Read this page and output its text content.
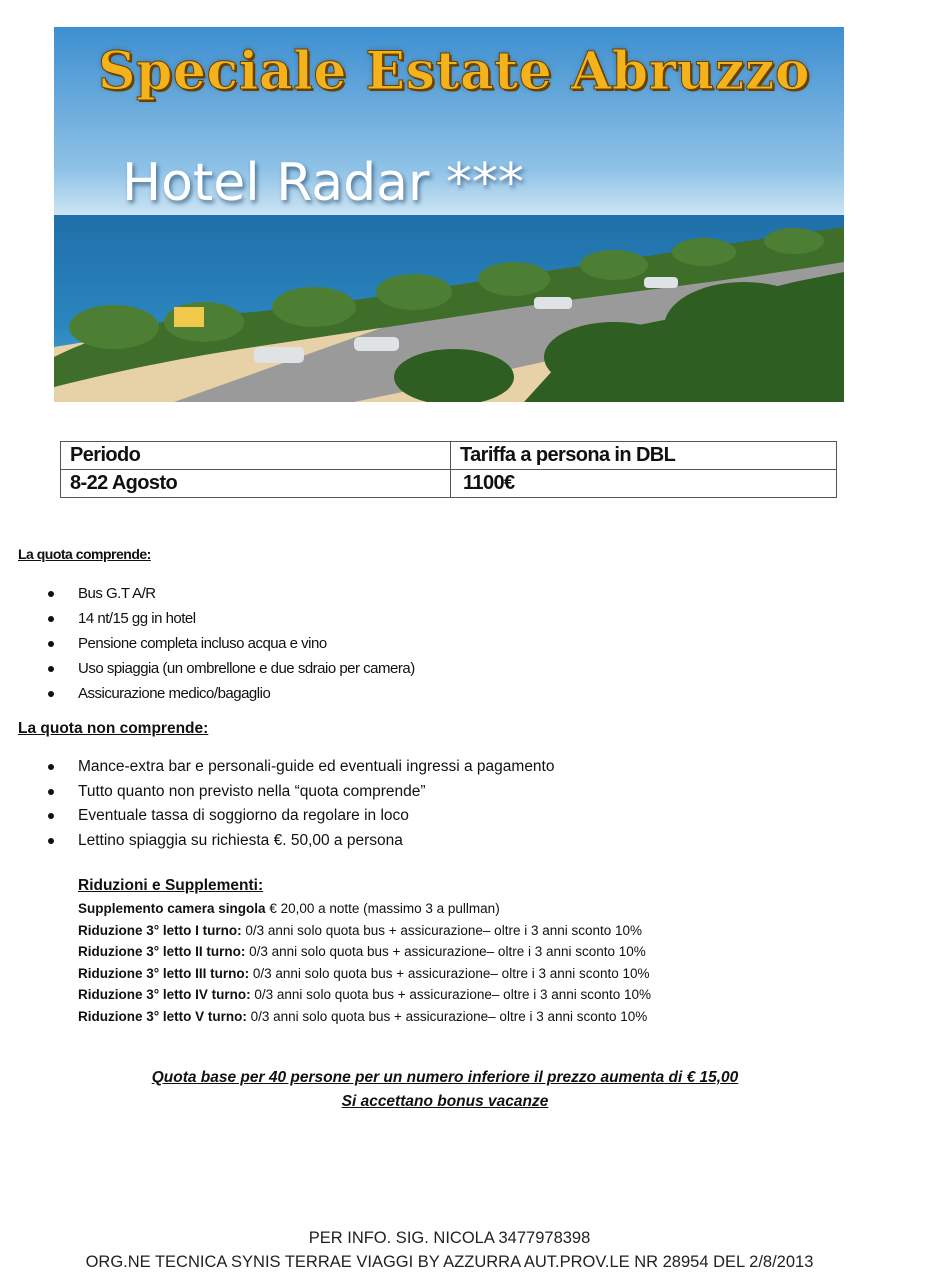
Speciale Estate Abruzzo
Hotel Radar ***
Periodo	Tariffa a persona in DBL
8-22 Agosto	1100€
La quota comprende:
Bus G.T A/R
14 nt/15 gg in hotel
Pensione completa incluso acqua e vino
Uso spiaggia (un ombrellone e due sdraio per camera)
Assicurazione medico/bagaglio
La quota non comprende:
Mance-extra bar e personali-guide ed eventuali ingressi a pagamento
Tutto quanto non previsto nella “quota comprende”
Eventuale tassa di soggiorno da regolare in loco
Lettino spiaggia su richiesta €. 50,00 a persona
Riduzioni e Supplementi:
Supplemento camera singola € 20,00 a notte (massimo 3 a pullman)
Riduzione 3° letto I turno: 0/3 anni solo quota bus + assicurazione– oltre i 3 anni sconto 10%
Riduzione 3° letto II turno: 0/3 anni solo quota bus + assicurazione– oltre i 3 anni sconto 10%
Riduzione 3° letto III turno: 0/3 anni solo quota bus + assicurazione– oltre i 3 anni sconto 10%
Riduzione 3° letto IV turno: 0/3 anni solo quota bus + assicurazione– oltre i 3 anni sconto 10%
Riduzione 3° letto V turno: 0/3 anni solo quota bus + assicurazione– oltre i 3 anni sconto 10%
Quota base per 40 persone per un numero inferiore il prezzo aumenta di € 15,00
Si accettano bonus vacanze
PER INFO. SIG. NICOLA 3477978398
ORG.NE TECNICA SYNIS TERRAE VIAGGI BY AZZURRA AUT.PROV.LE NR 28954 DEL 2/8/2013
